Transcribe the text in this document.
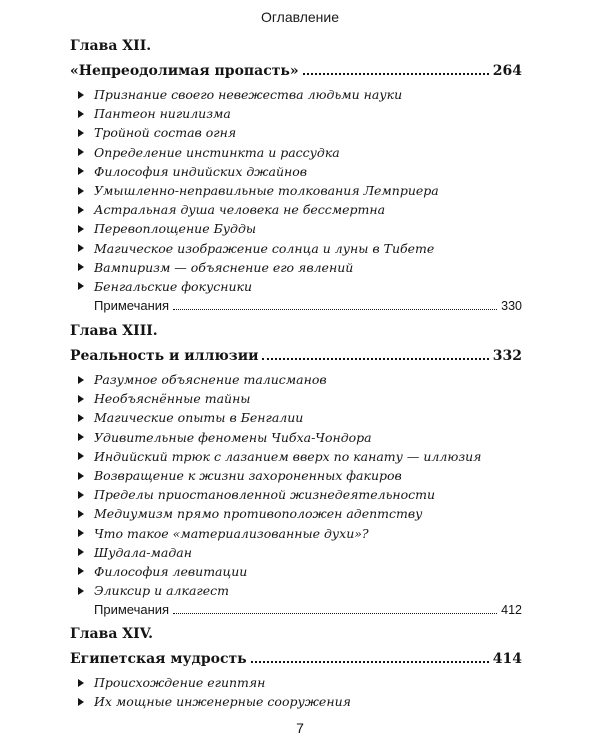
Оглавление
Глава XII.
«Непреодолимая пропасть»	264
Признание своего невежества людьми науки
Пантеон нигилизма
Тройной состав огня
Определение инстинкта и рассудка
Философия индийских джайнов
Умышленно-неправильные толкования Лемприера
Астральная душа человека не бессмертна
Перевоплощение Будды
Магическое изображение солнца и луны в Тибете
Вампиризм — объяснение его явлений
Бенгальские фокусники
Примечания	330
Глава XIII.
Реальность и иллюзии	332
Разумное объяснение талисманов
Необъяснённые тайны
Магические опыты в Бенгалии
Удивительные феномены Чибха-Чондора
Индийский трюк с лазанием вверх по канату — иллюзия
Возвращение к жизни захороненных факиров
Пределы приостановленной жизнедеятельности
Медиумизм прямо противоположен адептству
Что такое «материализованные духи»?
Шудала-мадан
Философия левитации
Эликсир и алкагест
Примечания	412
Глава XIV.
Египетская мудрость	414
Происхождение египтян
Их мощные инженерные сооружения
7
